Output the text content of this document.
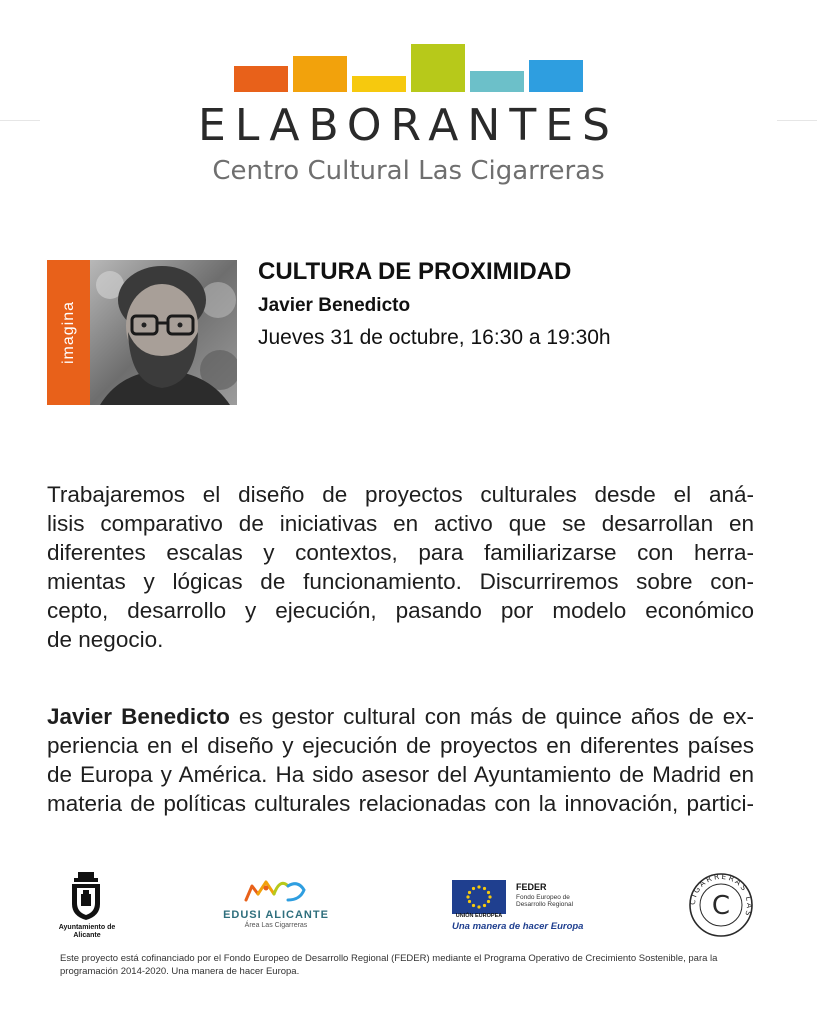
ELABORANTES
Centro Cultural Las Cigarreras
imagina
CULTURA DE PROXIMIDAD
Javier Benedicto
Jueves 31 de octubre, 16:30 a 19:30h
Trabajaremos el diseño de proyectos culturales desde el aná-
lisis comparativo de iniciativas en activo que se desarrollan en
diferentes escalas y contextos, para familiarizarse con herra-
mientas y lógicas de funcionamiento. Discurriremos sobre con-
cepto, desarrollo y ejecución, pasando por modelo económico
de negocio.
Javier Benedicto es gestor cultural con más de quince años de ex-
periencia en el diseño y ejecución de proyectos en diferentes países
de Europa y América. Ha sido asesor del Ayuntamiento de Madrid en
materia de políticas culturales relacionadas con la innovación, partici-
Ayuntamiento de Alicante
EDUSI ALICANTE
Área Las Cigarreras
UNIÓN EUROPEA
FEDER
Fondo Europeo de
Desarrollo Regional
Una manera de hacer Europa
CIGARRERAS LAS
C
Este proyecto está cofinanciado por el Fondo Europeo de Desarrollo Regional (FEDER) mediante el Programa Operativo de Crecimiento Sostenible, para la
programación 2014-2020. Una manera de hacer Europa.
